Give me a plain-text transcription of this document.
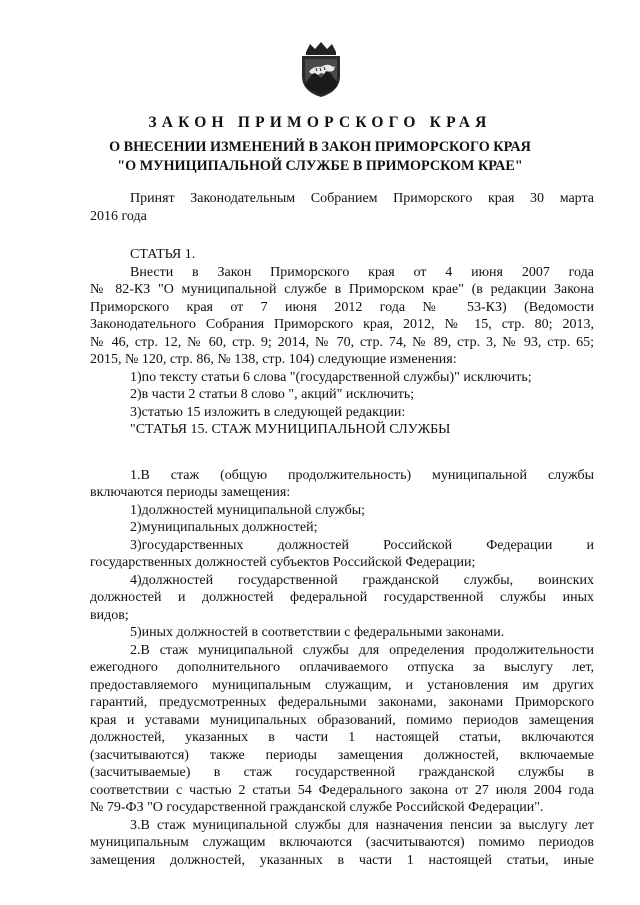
ЗАКОН ПРИМОРСКОГО КРАЯ
О ВНЕСЕНИИ ИЗМЕНЕНИЙ В ЗАКОН ПРИМОРСКОГО КРАЯ
"О МУНИЦИПАЛЬНОЙ СЛУЖБЕ В ПРИМОРСКОМ КРАЕ"

Принят Законодательным Собранием Приморского края 30 марта

2016 года

СТАТЬЯ 1.

Внести в Закон Приморского края от 4 июня 2007 года

№ 82-КЗ "О муниципальной службе в Приморском крае" (в редакции Закона

Приморского края от 7 июня 2012 года № 53-КЗ) (Ведомости

Законодательного Собрания Приморского края, 2012, № 15, стр. 80; 2013,

№ 46, стр. 12, № 60, стр. 9; 2014, № 70, стр. 74, № 89, стр. 3, № 93, стр. 65;

2015, № 120, стр. 86, № 138, стр. 104) следующие изменения:

1)по тексту статьи 6 слова "(государственной службы)" исключить;

2)в части 2 статьи 8 слово ", акций" исключить;

3)статью 15 изложить в следующей редакции:

"СТАТЬЯ 15. СТАЖ МУНИЦИПАЛЬНОЙ СЛУЖБЫ

1.В стаж (общую продолжительность) муниципальной службы

включаются периоды замещения:

1)должностей муниципальной службы;

2)муниципальных должностей;

3)государственных должностей Российской Федерации и

государственных должностей субъектов Российской Федерации;

4)должностей государственной гражданской службы, воинских

должностей и должностей федеральной государственной службы иных

видов;

5)иных должностей в соответствии с федеральными законами.

2.В стаж муниципальной службы для определения продолжительности

ежегодного дополнительного оплачиваемого отпуска за выслугу лет,

предоставляемого муниципальным служащим, и установления им других

гарантий, предусмотренных федеральными законами, законами Приморского

края и уставами муниципальных образований, помимо периодов замещения

должностей, указанных в части 1 настоящей статьи, включаются

(засчитываются) также периоды замещения должностей, включаемые

(засчитываемые) в стаж государственной гражданской службы в

соответствии с частью 2 статьи 54 Федерального закона от 27 июля 2004 года

№ 79-ФЗ "О государственной гражданской службе Российской Федерации".

3.В стаж муниципальной службы для назначения пенсии за выслугу лет

муниципальным служащим включаются (засчитываются) помимо периодов

замещения должностей, указанных в части 1 настоящей статьи, иные
